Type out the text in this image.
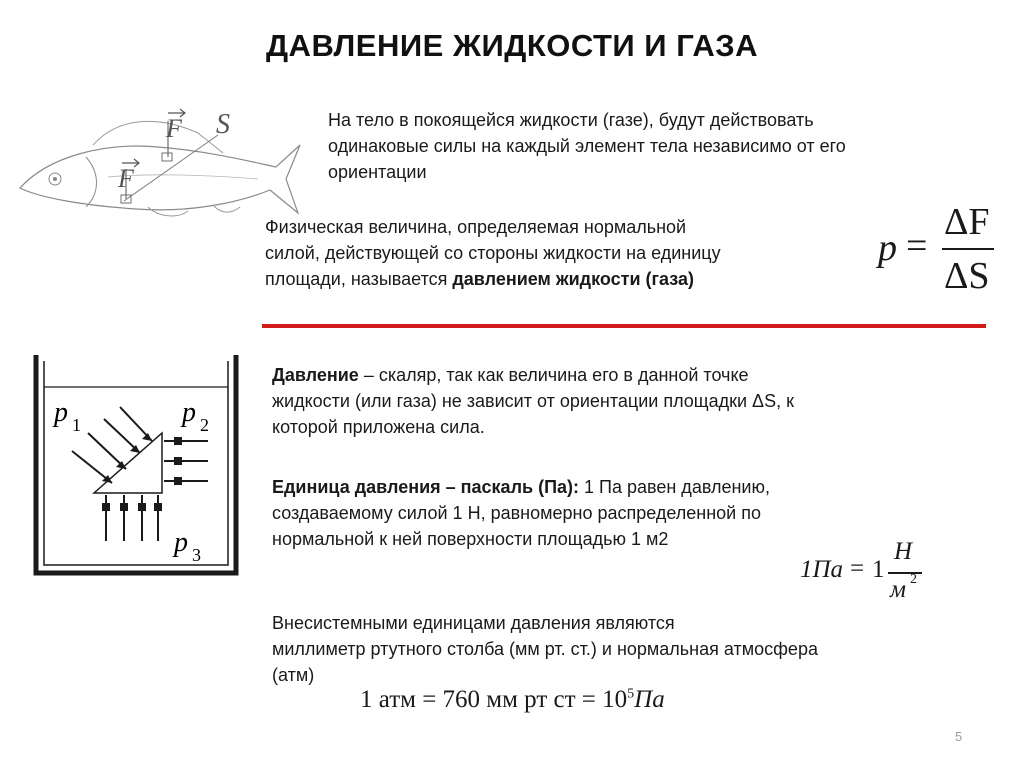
ДАВЛЕНИЕ ЖИДКОСТИ И ГАЗА
F S
F
На тело в покоящейся жидкости (газе), будут действовать
одинаковые силы на каждый элемент тела независимо от его
ориентации
Физическая величина, определяемая нормальной
силой, действующей со стороны жидкости на единицу
площади, называется давлением жидкости (газа)
p =
ΔF
ΔS
p 1	p 2
p 3
Давление – скаляр, так как величина его в данной точке
жидкости (или газа) не зависит от ориентации площадки ΔS, к
которой приложена сила.
Единица давления – паскаль (Па): 1 Па равен давлению,
создаваемому силой 1 Н, равномерно распределенной по
нормальной к ней поверхности площадью 1 м2
1Па = 1
Н
м 2
Внесистемными единицами давления являются
миллиметр ртутного столба (мм рт. ст.) и нормальная атмосфера
(атм)
1 атм = 760 мм рт ст = $10^5Па$
5
